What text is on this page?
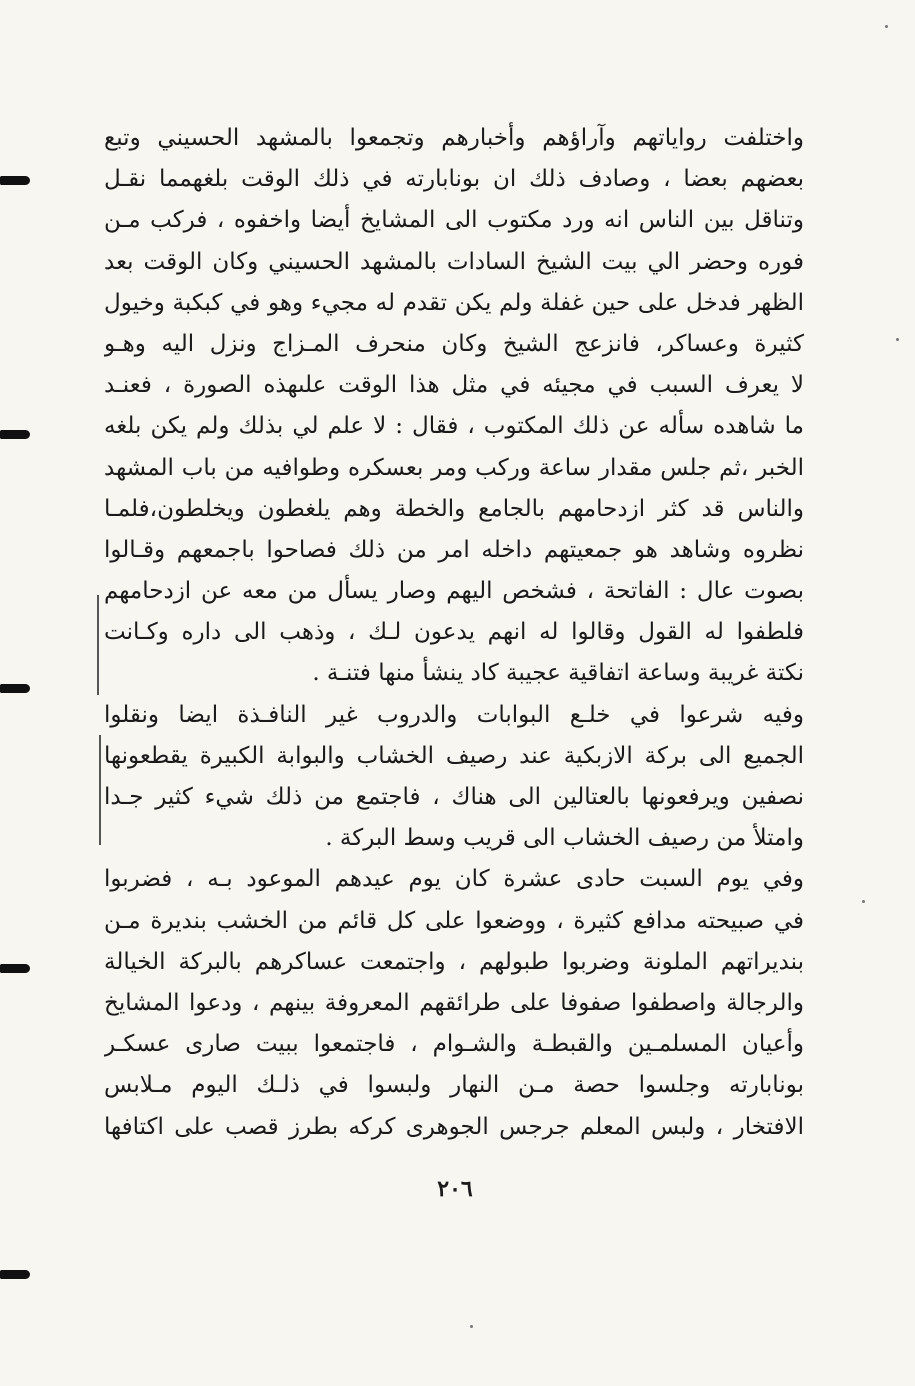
واختلفت رواياتهم وآراؤهم وأخبارهم وتجمعوا بالمشهد الحسيني وتبع
بعضهم بعضا ، وصادف ذلك ان بونابارته في ذلك الوقت بلغهمما نقـل
وتناقل بين الناس انه ورد مكتوب الى المشايخ أيضا واخفوه ، فركب مـن
فوره وحضر الي بيت الشيخ السادات بالمشهد الحسيني وكان الوقت بعد
الظهر فدخل على حين غفلة ولم يكن تقدم له مجيء وهو في كبكبة وخيول
كثيرة وعساكر، فانزعج الشيخ وكان منحرف المـزاج ونزل اليه وهـو
لا يعرف السبب في مجيئه في مثل هذا الوقت علىهذه الصورة ، فعنـد
ما شاهده سأله عن ذلك المكتوب ، فقال : لا علم لي بذلك ولم يكن بلغه
الخبر ،ثم جلس مقدار ساعة وركب ومر بعسكره وطوافيه من باب المشهد
والناس قد كثر ازدحامهم بالجامع والخطة وهم يلغطون ويخلطون،فلمـا
نظروه وشاهد هو جمعيتهم داخله امر من ذلك فصاحوا باجمعهم وقـالوا
بصوت عال : الفاتحة ، فشخص اليهم وصار يسأل من معه عن ازدحامهم
فلطفوا له القول وقالوا له انهم يدعون لـك ، وذهب الى داره وكـانت
نكتة غريبة وساعة اتفاقية عجيبة كاد ينشأ منها فتنـة .
وفيه شرعوا في خلـع البوابات والدروب غير النافـذة ايضا ونقلوا
الجميع الى بركة الازبكية عند رصيف الخشاب والبوابة الكبيرة يقطعونها
نصفين ويرفعونها بالعتالين الى هناك ، فاجتمع من ذلك شيء كثير جـدا
وامتلأ من رصيف الخشاب الى قريب وسط البركة .
وفي يوم السبت حادى عشرة كان يوم عيدهم الموعود بـه ، فضربوا
في صبيحته مدافع كثيرة ، ووضعوا على كل قائم من الخشب بنديرة مـن
بنديراتهم الملونة وضربوا طبولهم ، واجتمعت عساكرهم بالبركة الخيالة
والرجالة واصطفوا صفوفا على طرائقهم المعروفة بينهم ، ودعوا المشايخ
وأعيان المسلمـين والقبطـة والشـوام ، فاجتمعوا ببيت صارى عسكـر
بونابارته وجلسوا حصة مـن النهار ولبسوا في ذلـك اليوم مـلابس
الافتخار ، ولبس المعلم جرجس الجوهرى كركه بطرز قصب على اكتافها
٢٠٦
